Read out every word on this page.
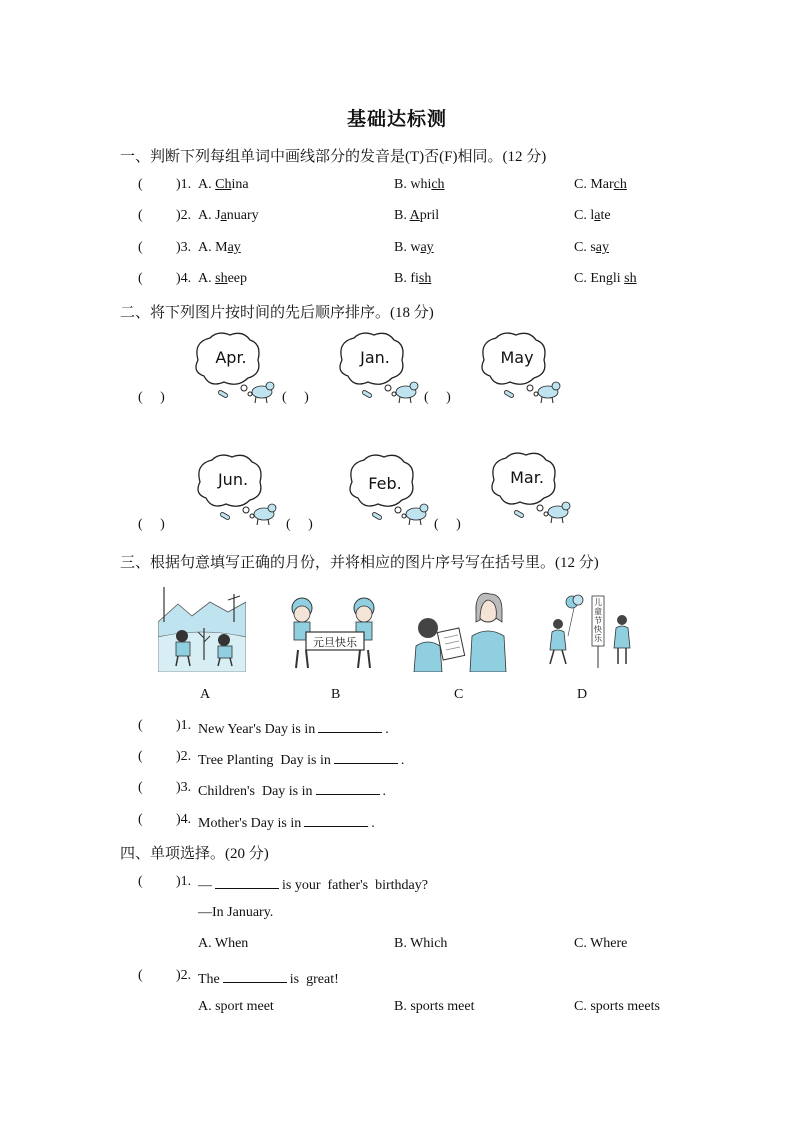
基础达标测
一、判断下列每组单词中画线部分的发音是(T)否(F)相同。(12 分)
( )1. A. China	B. which	C. March
( )2. A. January	B. April	C. late
( )3. A. May	B. way	C. say
( )4. A. sheep	B. fish	C. Engli sh
二、将下列图片按时间的先后顺序排序。(18 分)
(     )	(     )	(     )
(     )	(     )	(     )
Apr.	Jan.	May
Jun.	Feb.	Mar.
三、根据句意填写正确的月份，并将相应的图片序号写在括号里。(12 分)
元旦快乐
儿童节快乐
A	B	C	D
( )1. New Year's Day is in	.
( )2. Tree Planting  Day is in	.
( )3. Children's  Day is in	.
( )4. Mother's Day is in	.
四、单项选择。(20 分)
( )1. —	is your  father's  birthday?
—In January.
A. When	B. Which	C. Where
( )2. The	is  great!
A. sport meet	B. sports meet	C. sports meets
